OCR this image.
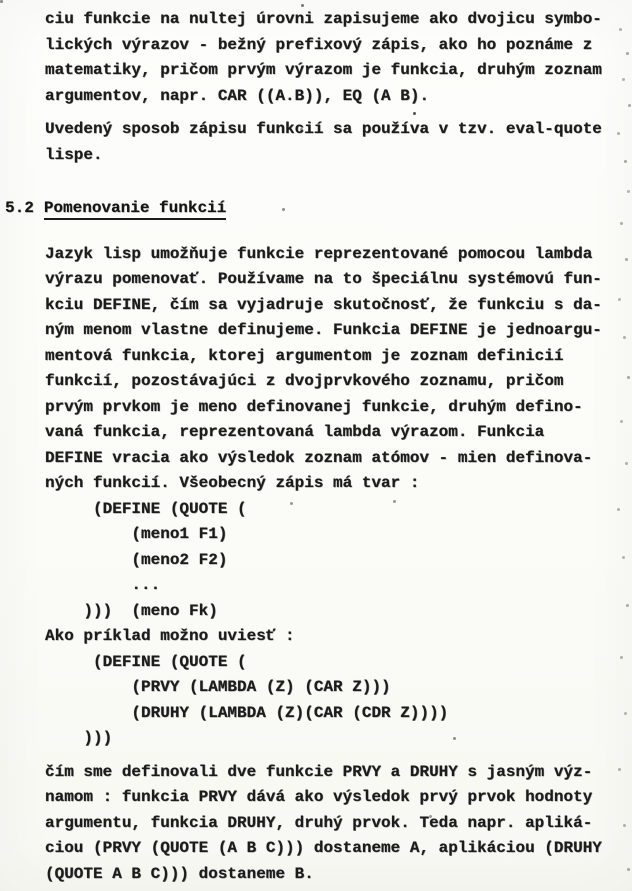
ciu funkcie na nultej úrovni zapisujeme ako dvojicu symbo-
lických výrazov - bežný prefixový zápis, ako ho poznáme z
matematiky, pričom prvým výrazom je funkcia, druhým zoznam
argumentov, napr. CAR ((A.B)), EQ (A B).
Uvedený sposob zápisu funkcií sa používa v tzv. eval-quote
lispe.
5.2 Pomenovanie funkcií
Jazyk lisp umožňuje funkcie reprezentované pomocou lambda
výrazu pomenovať. Používame na to špeciálnu systémovú fun-
kciu DEFINE, čím sa vyjadruje skutočnosť, že funkciu s da-
ným menom vlastne definujeme. Funkcia DEFINE je jednoargu-
mentová funkcia, ktorej argumentom je zoznam definicií
funkcií, pozostávajúci z dvojprvkového zoznamu, pričom
prvým prvkom je meno definovanej funkcie, druhým defino-
vaná funkcia, reprezentovaná lambda výrazom. Funkcia
DEFINE vracia ako výsledok zoznam atómov - mien definova-
ných funkcií. Všeobecný zápis má tvar :
(DEFINE (QUOTE (
(meno1 F1)
(meno2 F2)
...
)))  (meno Fk)
Ako príklad možno uviesť :
(DEFINE (QUOTE (
(PRVY (LAMBDA (Z) (CAR Z)))
(DRUHY (LAMBDA (Z)(CAR (CDR Z))))
)))
čím sme definovali dve funkcie PRVY a DRUHY s jasným výz-
namom : funkcia PRVY dává ako výsledok prvý prvok hodnoty
argumentu, funkcia DRUHY, druhý prvok. Teda napr. apliká-
ciou (PRVY (QUOTE (A B C))) dostaneme A, aplikáciou (DRUHY
(QUOTE A B C))) dostaneme B.
